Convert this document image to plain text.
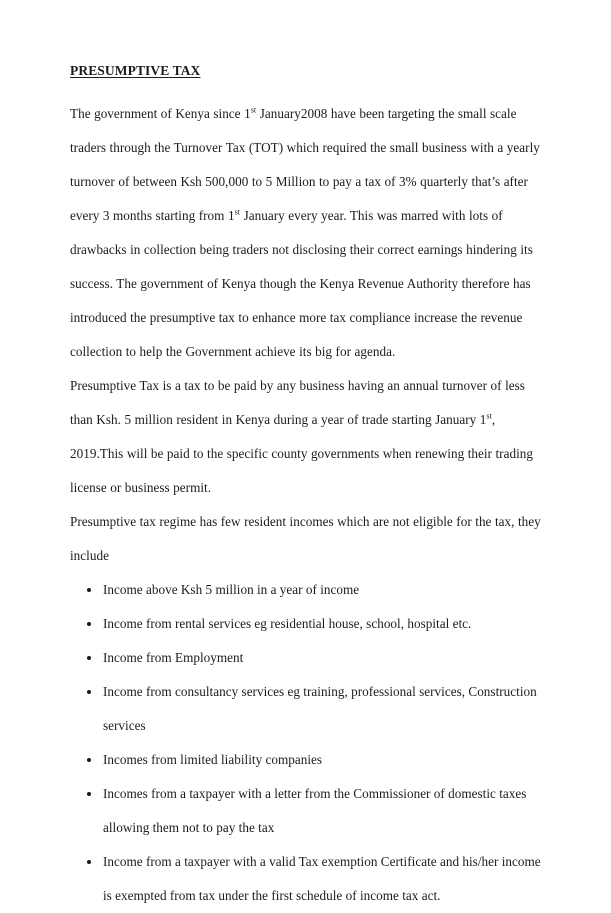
PRESUMPTIVE TAX

The government of Kenya since 1st January2008 have been targeting the small scale traders through the Turnover Tax (TOT) which required the small business with a yearly turnover of between Ksh 500,000 to 5 Million to pay a tax of 3% quarterly that’s after every 3 months starting from 1st January every year. This was marred with lots of drawbacks in collection being traders not disclosing their correct earnings hindering its success. The government of Kenya though the Kenya Revenue Authority therefore has introduced the presumptive tax to enhance more tax compliance increase the revenue collection to help the Government achieve its big for agenda.

Presumptive Tax is a tax to be paid by any business having an annual turnover of less than Ksh. 5 million resident in Kenya during a year of trade starting January 1st, 2019.This will be paid to the specific county governments when renewing their trading license or business permit.

Presumptive tax regime has few resident incomes which are not eligible for the tax, they include

Income above Ksh 5 million in a year of income
Income from rental services eg residential house, school, hospital etc.
Income from Employment
Income from consultancy services eg training, professional services, Construction services
Incomes from limited liability companies
Incomes from a taxpayer with a letter from the Commissioner of domestic taxes allowing them not to pay the tax
Income from a taxpayer with a valid Tax exemption Certificate and his/her income is exempted from tax under the first schedule of income tax act.
